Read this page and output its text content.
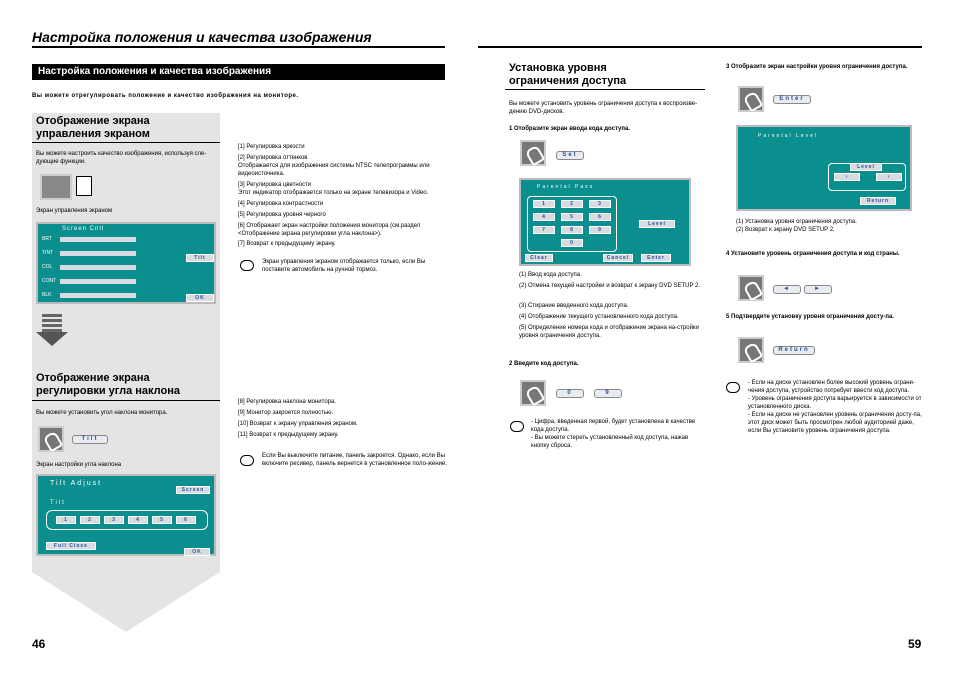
Настройка положения и качества изображения
Настройка положения и качества изображения
Вы можете отрегулировать положение и качество изображения на мониторе.
Отображение экрана
управления экраном
Вы можете настроить качество изображения, используя сле-дующие функции.
Экран управления экраном
Screen Cntl
BRT
TINT
COL
CONT
BLK
Tilt
OK
Отображение экрана
регулировки угла наклона
Вы можете установить угол наклона монитора.
Tilt
Экран настройки угла наклона
Tilt Adjust
Screen
Tilt
1	2	3	4	5	6
Full Close
OK
[1] Регулировка яркости
[2] Регулировка оттенков
Отображается для изображения системы NTSC телепрограммы или видеоисточника.
[3] Регулировка цветности
Этот индикатор отображается только на экране телевизора и Video.
[4] Регулировка контрастности
[5] Регулировка уровня черного
[6] Отображает экран настройки положения монитора (см.раздел <Отображение экрана регулировки угла наклона>).
[7] Возврат к предыдущему экрану.
Экран управления экраном отображается только, если Вы поставите автомобиль на ручной тормоз.
[8] Регулировка наклона монитора.
[9] Монитор закроется полностью.
[10] Возврат к экрану управления экраном.
[11] Возврат к предыдущему экрану.
Если Вы выключите питание, панель закроется. Однако, если Вы включите ресивер, панель вернется в установленное поло-жение.
46
Установка уровня
ограничения доступа
Вы можете установить уровень ограничения доступа к воспроизве-дению DVD-дисков.
1 Отобразите экран ввода кода доступа.
Set
Parental Pass
1	2	3
4	5	6
7	8	9
0
Level
Clear	Cancel	Enter
(1) Ввод кода доступа.
(2) Отмена текущей настройки и возврат к экрану DVD SETUP 2.
(3) Стирание введенного кода доступа.
(4) Отображение текущего установленного кода доступа.
(5) Определение номера кода и отображение экрана на-стройки уровня ограничения доступа.
2 Введите код доступа.
0	9
- Цифра, введенная первой, будет установлена в качестве кода доступа.
- Вы можете стереть установленный код доступа, нажав кнопку сброса.
3 Отобразите экран настройки уровня ограничения доступа.
Enter
Parental Level
Level
‹	›
Return
(1) Установка уровня ограничения доступа.
(2) Возврат к экрану DVD SETUP 2.
4 Установите уровень ограничения доступа и код страны.
◄	►
5 Подтвердите установку уровня ограничения досту-па.
Return
- Если на диске установлен более высокий уровень ограни-чения доступа, устройство потребует ввести код доступа.
- Уровень ограничения доступа варьируется в зависимости от установленного диска.
- Если на диске не установлен уровень ограничения досту-па, этот диск может быть просмотрен любой аудиторией даже, если Вы установите уровень ограничения доступа.
59
